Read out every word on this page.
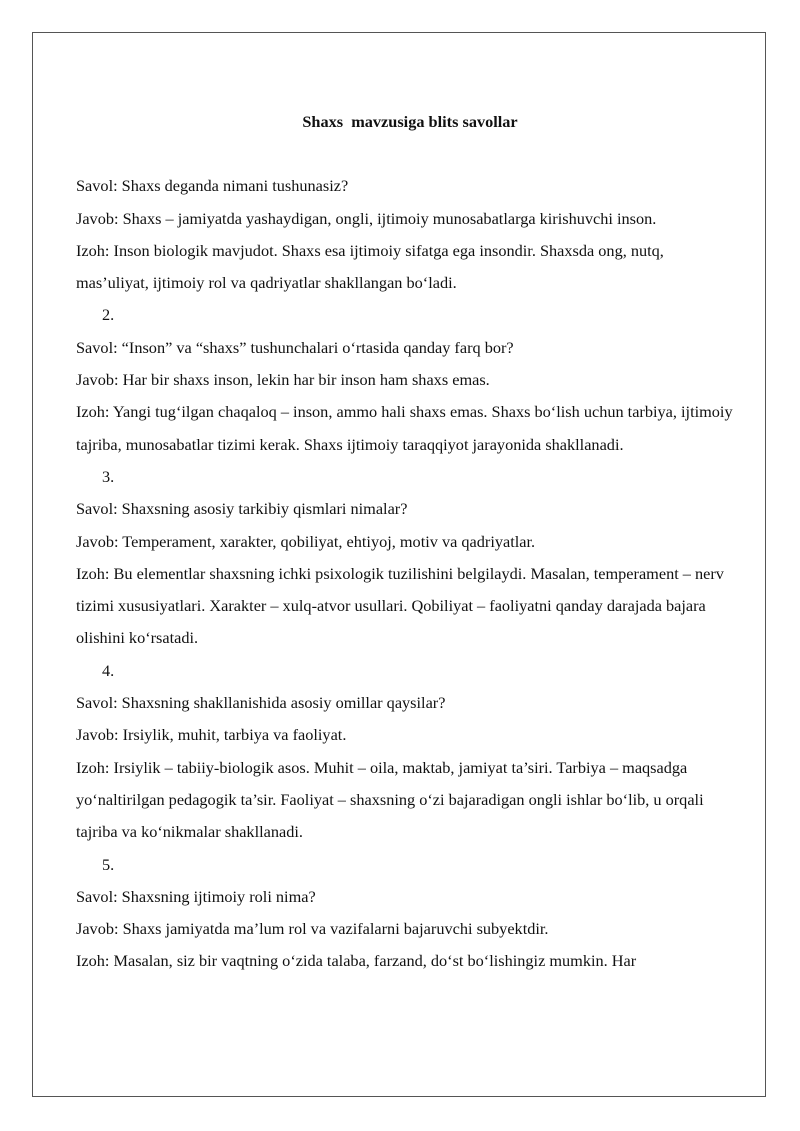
Shaxs  mavzusiga blits savollar

Savol: Shaxs deganda nimani tushunasiz?

Javob: Shaxs – jamiyatda yashaydigan, ongli, ijtimoiy munosabatlarga kirishuvchi inson.

Izoh: Inson biologik mavjudot. Shaxs esa ijtimoiy sifatga ega insondir. Shaxsda ong, nutq, mas’uliyat, ijtimoiy rol va qadriyatlar shakllangan bo‘ladi.

2.

Savol: “Inson” va “shaxs” tushunchalari o‘rtasida qanday farq bor?

Javob: Har bir shaxs inson, lekin har bir inson ham shaxs emas.

Izoh: Yangi tug‘ilgan chaqaloq – inson, ammo hali shaxs emas. Shaxs bo‘lish uchun tarbiya, ijtimoiy tajriba, munosabatlar tizimi kerak. Shaxs ijtimoiy taraqqiyot jarayonida shakllanadi.

3.

Savol: Shaxsning asosiy tarkibiy qismlari nimalar?

Javob: Temperament, xarakter, qobiliyat, ehtiyoj, motiv va qadriyatlar.

Izoh: Bu elementlar shaxsning ichki psixologik tuzilishini belgilaydi. Masalan, temperament – nerv tizimi xususiyatlari. Xarakter – xulq-atvor usullari. Qobiliyat – faoliyatni qanday darajada bajara olishini ko‘rsatadi.

4.

Savol: Shaxsning shakllanishida asosiy omillar qaysilar?

Javob: Irsiylik, muhit, tarbiya va faoliyat.

Izoh: Irsiylik – tabiiy-biologik asos. Muhit – oila, maktab, jamiyat ta’siri. Tarbiya – maqsadga yo‘naltirilgan pedagogik ta’sir. Faoliyat – shaxsning o‘zi bajaradigan ongli ishlar bo‘lib, u orqali tajriba va ko‘nikmalar shakllanadi.

5.

Savol: Shaxsning ijtimoiy roli nima?

Javob: Shaxs jamiyatda ma’lum rol va vazifalarni bajaruvchi subyektdir.

Izoh: Masalan, siz bir vaqtning o‘zida talaba, farzand, do‘st bo‘lishingiz mumkin. Har
